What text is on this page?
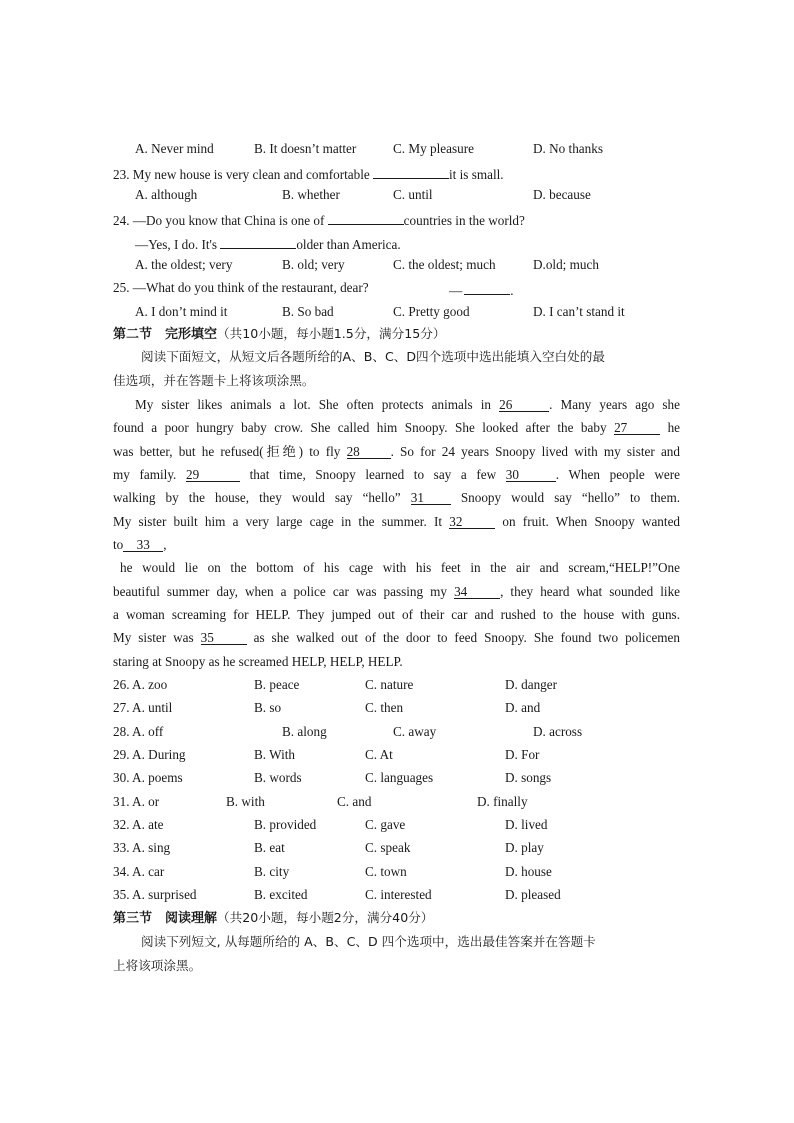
A. Never mind	B. It doesn’t matter	C. My pleasure	D. No thanks
23. My new house is very clean and comfortable	it is small.
A. although	B. whether	C. until	D. because
24. —Do you know that China is one of	countries in the world?
—Yes, I do. It's	older than America.
A. the oldest; very	B. old; very	C. the oldest; much	D.old; much
25. —What do you think of the restaurant, dear?	—	.
A. I don’t mind it	B. So bad	C. Pretty good	D. I can’t stand it
第二节　完形填空（共10小题，每小题1.5分，满分15分）
阅读下面短文，从短文后各题所给的A、B、C、D四个选项中选出能填入空白处的最
佳选项，并在答题卡上将该项涂黑。
My sister likes animals a lot. She often protects animals in 26	. Many years ago she
found a poor hungry baby crow. She called him Snoopy. She looked after the baby 27	he
was better, but he refused(拒绝) to fly 28 . So for 24 years Snoopy lived with my sister and
my family. 29	that time, Snoopy learned to say a few 30	. When people were
walking by the house, they would say “hello” 31	Snoopy would say “hello” to them.
My sister built him a very large cage in the summer. It 32	on fruit. When Snoopy wanted
to 33 ,
he would lie on the bottom of his cage with his feet in the air and scream,“HELP!”One
beautiful summer day, when a police car was passing my 34 , they heard what sounded like
a woman screaming for HELP. They jumped out of their car and rushed to the house with guns.
My sister was 35	as she walked out of the door to feed Snoopy. She found two policemen
staring at Snoopy as he screamed HELP, HELP, HELP.
26. A. zoo	B. peace	C. nature	D. danger
27. A. until	B. so	C. then	D. and
28. A. off	B. along	C. away	D. across
29. A. During	B. With	C. At	D. For
30. A. poems	B. words	C. languages	D. songs
31. A. or	B. with	C. and	D. finally
32. A. ate	B. provided	C. gave	D. lived
33. A. sing	B. eat	C. speak	D. play
34. A. car	B. city	C. town	D. house
35. A. surprised	B. excited	C. interested	D. pleased
第三节　阅读理解（共20小题，每小题2分，满分40分）
阅读下列短文, 从每题所给的 A、B、C、D 四个选项中，选出最佳答案并在答题卡
上将该项涂黑。
